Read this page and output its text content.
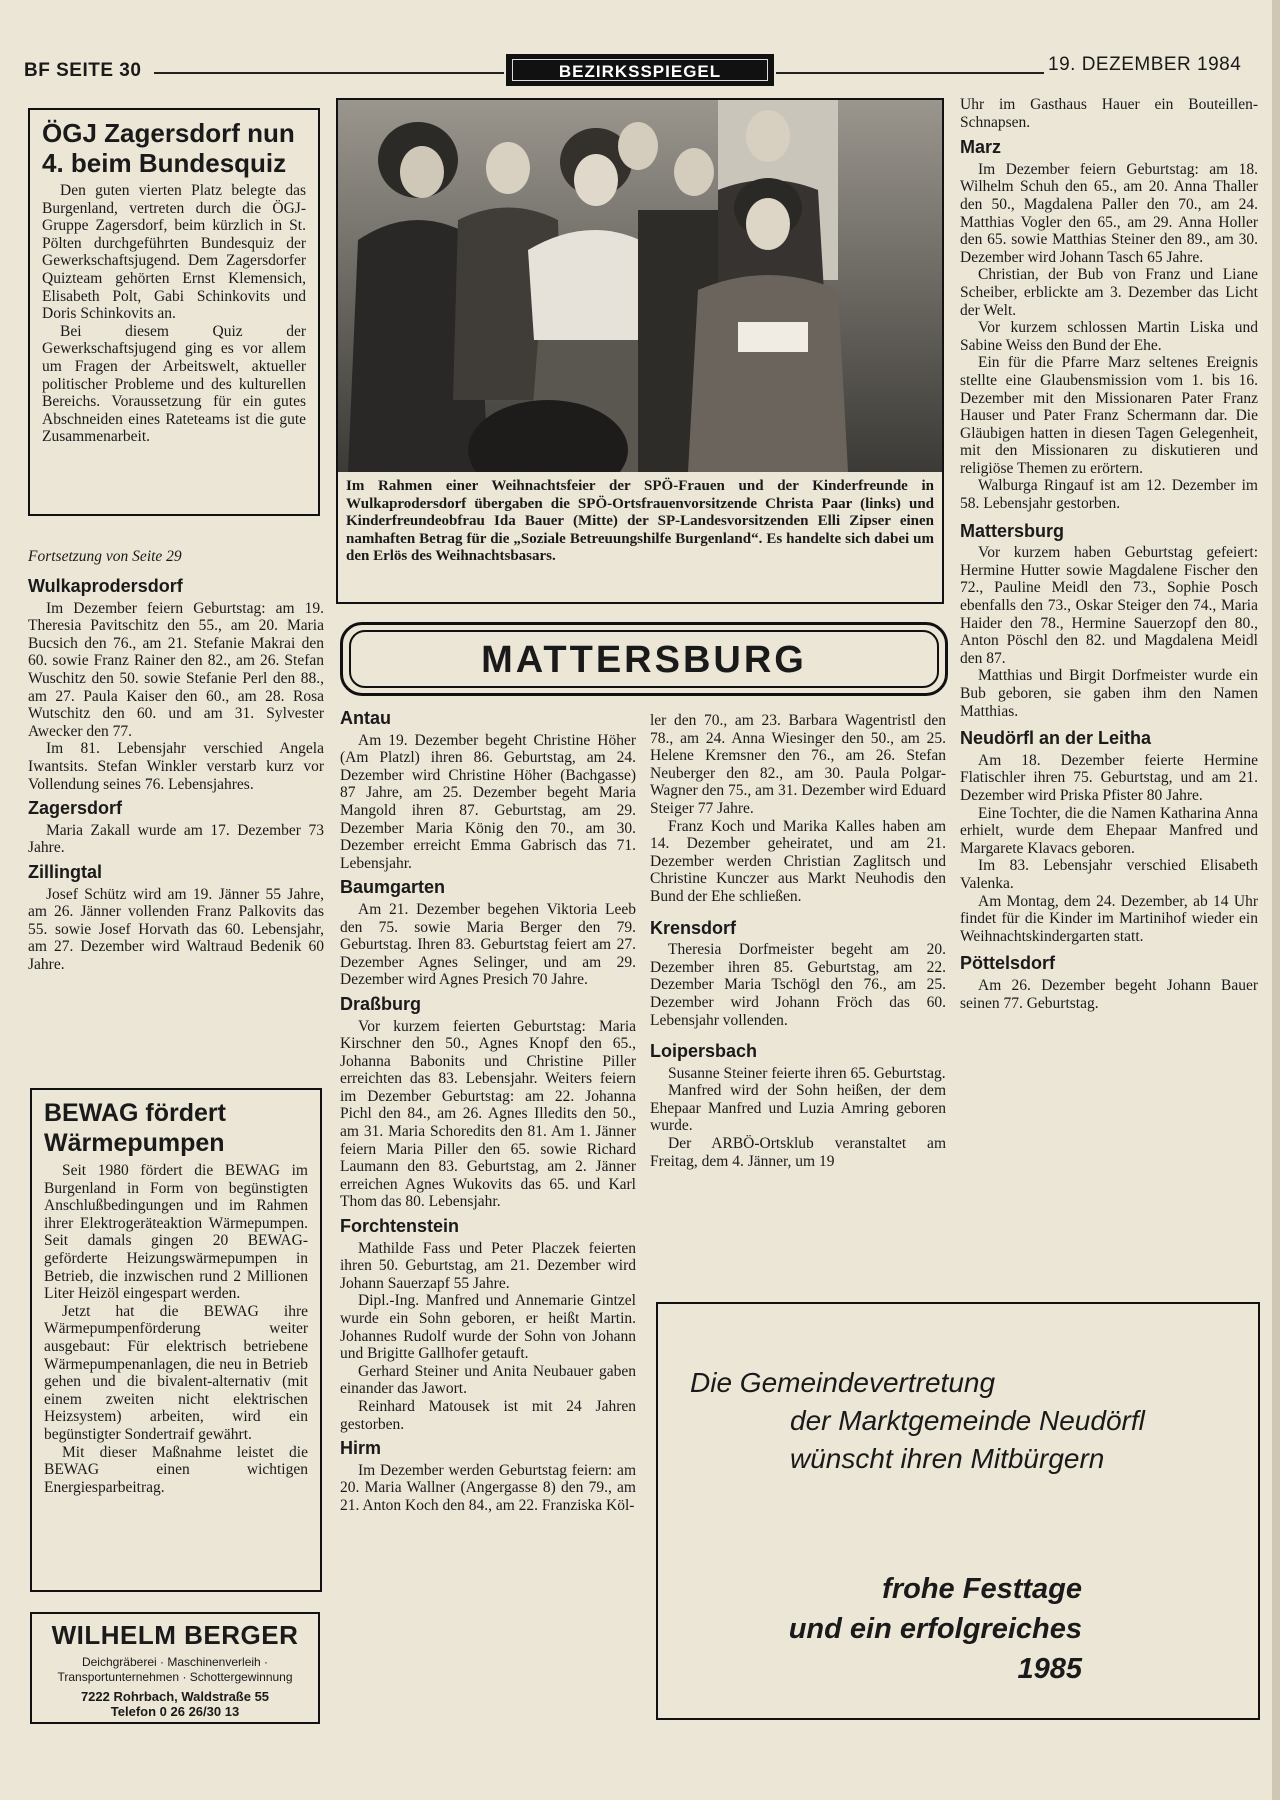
BF SEITE 30	BEZIRKSSPIEGEL	19. DEZEMBER 1984
ÖGJ Zagersdorf nun 4. beim Bundesquiz

Den guten vierten Platz belegte das Burgenland, vertreten durch die ÖGJ-Gruppe Zagersdorf, beim kürzlich in St. Pölten durchgeführten Bundesquiz der Gewerkschaftsjugend. Dem Zagersdorfer Quizteam gehörten Ernst Klemensich, Elisabeth Polt, Gabi Schinkovits und Doris Schinkovits an.

Bei diesem Quiz der Gewerkschaftsjugend ging es vor allem um Fragen der Arbeitswelt, aktueller politischer Probleme und des kulturellen Bereichs. Voraussetzung für ein gutes Abschneiden eines Rateteams ist die gute Zusammenarbeit.

Fortsetzung von Seite 29
Wulkaprodersdorf

Im Dezember feiern Geburtstag: am 19. Theresia Pavitschitz den 55., am 20. Maria Bucsich den 76., am 21. Stefanie Makrai den 60. sowie Franz Rainer den 82., am 26. Stefan Wuschitz den 50. sowie Stefanie Perl den 88., am 27. Paula Kaiser den 60., am 28. Rosa Wutschitz den 60. und am 31. Sylvester Awecker den 77.

Im 81. Lebensjahr verschied Angela Iwantsits. Stefan Winkler verstarb kurz vor Vollendung seines 76. Lebensjahres.

Zagersdorf

Maria Zakall wurde am 17. Dezember 73 Jahre.

Zillingtal

Josef Schütz wird am 19. Jänner 55 Jahre, am 26. Jänner vollenden Franz Palkovits das 55. sowie Josef Horvath das 60. Lebensjahr, am 27. Dezember wird Waltraud Bedenik 60 Jahre.

BEWAG fördert Wärmepumpen

Seit 1980 fördert die BEWAG im Burgenland in Form von begünstigten Anschlußbedingungen und im Rahmen ihrer Elektrogeräteaktion Wärmepumpen. Seit damals gingen 20 BEWAG-geförderte Heizungswärmepumpen in Betrieb, die inzwischen rund 2 Millionen Liter Heizöl eingespart werden.

Jetzt hat die BEWAG ihre Wärmepumpenförderung weiter ausgebaut: Für elektrisch betriebene Wärmepumpenanlagen, die neu in Betrieb gehen und die bivalent-alternativ (mit einem zweiten nicht elektrischen Heizsystem) arbeiten, wird ein begünstigter Sondertraif gewährt.

Mit dieser Maßnahme leistet die BEWAG einen wichtigen Energiesparbeitrag.

WILHELM BERGER
Deichgräberei · Maschinenverleih · Transportunternehmen · Schottergewinnung
7222 Rohrbach, Waldstraße 55
Telefon 0 26 26/30 13
Im Rahmen einer Weihnachtsfeier der SPÖ-Frauen und der Kinderfreunde in Wulkaprodersdorf übergaben die SPÖ-Ortsfrauenvorsitzende Christa Paar (links) und Kinderfreundeobfrau Ida Bauer (Mitte) der SP-Landesvorsitzenden Elli Zipser einen namhaften Betrag für die „Soziale Betreuungshilfe Burgenland“. Es handelte sich dabei um den Erlös des Weihnachtsbasars.
MATTERSBURG
Antau

Am 19. Dezember begeht Christine Höher (Am Platzl) ihren 86. Geburtstag, am 24. Dezember wird Christine Höher (Bachgasse) 87 Jahre, am 25. Dezember begeht Maria Mangold ihren 87. Geburtstag, am 29. Dezember Maria König den 70., am 30. Dezember erreicht Emma Gabrisch das 71. Lebensjahr.

Baumgarten

Am 21. Dezember begehen Viktoria Leeb den 75. sowie Maria Berger den 79. Geburtstag. Ihren 83. Geburtstag feiert am 27. Dezember Agnes Selinger, und am 29. Dezember wird Agnes Presich 70 Jahre.

Draßburg

Vor kurzem feierten Geburtstag: Maria Kirschner den 50., Agnes Knopf den 65., Johanna Babonits und Christine Piller erreichten das 83. Lebensjahr. Weiters feiern im Dezember Geburtstag: am 22. Johanna Pichl den 84., am 26. Agnes Illedits den 50., am 31. Maria Schoredits den 81. Am 1. Jänner feiern Maria Piller den 65. sowie Richard Laumann den 83. Geburtstag, am 2. Jänner erreichen Agnes Wukovits das 65. und Karl Thom das 80. Lebensjahr.

Forchtenstein

Mathilde Fass und Peter Placzek feierten ihren 50. Geburtstag, am 21. Dezember wird Johann Sauerzapf 55 Jahre.

Dipl.-Ing. Manfred und Annemarie Gintzel wurde ein Sohn geboren, er heißt Martin. Johannes Rudolf wurde der Sohn von Johann und Brigitte Gallhofer getauft.

Gerhard Steiner und Anita Neubauer gaben einander das Jawort.

Reinhard Matousek ist mit 24 Jahren gestorben.

Hirm

Im Dezember werden Geburtstag feiern: am 20. Maria Wallner (Angergasse 8) den 79., am 21. Anton Koch den 84., am 22. Franziska Köl-

ler den 70., am 23. Barbara Wagentristl den 78., am 24. Anna Wiesinger den 50., am 25. Helene Kremsner den 76., am 26. Stefan Neuberger den 82., am 30. Paula Polgar-Wagner den 75., am 31. Dezember wird Eduard Steiger 77 Jahre.

Franz Koch und Marika Kalles haben am 14. Dezember geheiratet, und am 21. Dezember werden Christian Zaglitsch und Christine Kunczer aus Markt Neuhodis den Bund der Ehe schließen.

Krensdorf

Theresia Dorfmeister begeht am 20. Dezember ihren 85. Geburtstag, am 22. Dezember Maria Tschögl den 76., am 25. Dezember wird Johann Fröch das 60. Lebensjahr vollenden.

Loipersbach

Susanne Steiner feierte ihren 65. Geburtstag.

Manfred wird der Sohn heißen, der dem Ehepaar Manfred und Luzia Amring geboren wurde.

Der ARBÖ-Ortsklub veranstaltet am Freitag, dem 4. Jänner, um 19

Uhr im Gasthaus Hauer ein Bouteillen-Schnapsen.

Marz

Im Dezember feiern Geburtstag: am 18. Wilhelm Schuh den 65., am 20. Anna Thaller den 50., Magdalena Paller den 70., am 24. Matthias Vogler den 65., am 29. Anna Holler den 65. sowie Matthias Steiner den 89., am 30. Dezember wird Johann Tasch 65 Jahre.

Christian, der Bub von Franz und Liane Scheiber, erblickte am 3. Dezember das Licht der Welt.

Vor kurzem schlossen Martin Liska und Sabine Weiss den Bund der Ehe.

Ein für die Pfarre Marz seltenes Ereignis stellte eine Glaubensmission vom 1. bis 16. Dezember mit den Missionaren Pater Franz Hauser und Pater Franz Schermann dar. Die Gläubigen hatten in diesen Tagen Gelegenheit, mit den Missionaren zu diskutieren und religiöse Themen zu erörtern.

Walburga Ringauf ist am 12. Dezember im 58. Lebensjahr gestorben.

Mattersburg

Vor kurzem haben Geburtstag gefeiert: Hermine Hutter sowie Magdalene Fischer den 72., Pauline Meidl den 73., Sophie Posch ebenfalls den 73., Oskar Steiger den 74., Maria Haider den 78., Hermine Sauerzopf den 80., Anton Pöschl den 82. und Magdalena Meidl den 87.

Matthias und Birgit Dorfmeister wurde ein Bub geboren, sie gaben ihm den Namen Matthias.

Neudörfl an der Leitha

Am 18. Dezember feierte Hermine Flatischler ihren 75. Geburtstag, und am 21. Dezember wird Priska Pfister 80 Jahre.

Eine Tochter, die die Namen Katharina Anna erhielt, wurde dem Ehepaar Manfred und Margarete Klavacs geboren.

Im 83. Lebensjahr verschied Elisabeth Valenka.

Am Montag, dem 24. Dezember, ab 14 Uhr findet für die Kinder im Martinihof wieder ein Weihnachtskindergarten statt.

Pöttelsdorf

Am 26. Dezember begeht Johann Bauer seinen 77. Geburtstag.

Die Gemeindevertretung
der Marktgemeinde Neudörfl
wünscht ihren Mitbürgern
frohe Festtage
und ein erfolgreiches
1985
